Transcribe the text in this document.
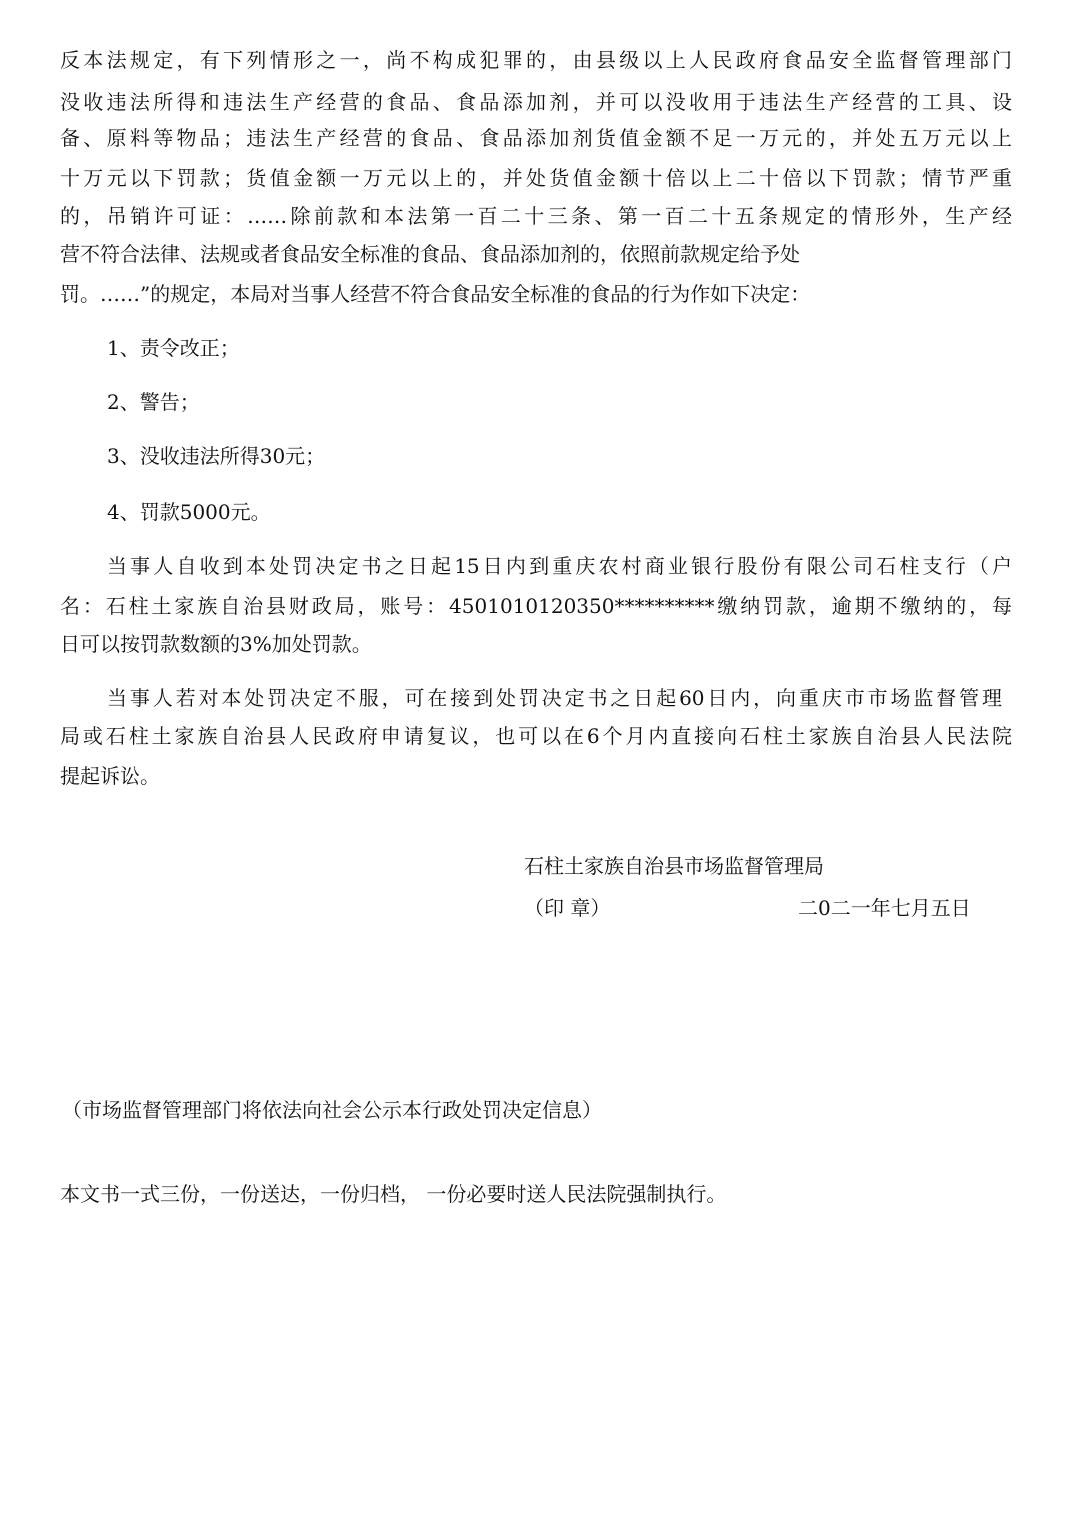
反本法规定，有下列情形之一，尚不构成犯罪的，由县级以上人民政府食品安全监督管理部门
没收违法所得和违法生产经营的食品、食品添加剂，并可以没收用于违法生产经营的工具、设
备、原料等物品；违法生产经营的食品、食品添加剂货值金额不足一万元的，并处五万元以上
十万元以下罚款；货值金额一万元以上的，并处货值金额十倍以上二十倍以下罚款；情节严重
的，吊销许可证：……除前款和本法第一百二十三条、第一百二十五条规定的情形外，生产经
营不符合法律、法规或者食品安全标准的食品、食品添加剂的，依照前款规定给予处
罚。……”的规定，本局对当事人经营不符合食品安全标准的食品的行为作如下决定：
1、责令改正；
2、警告；
3、没收违法所得30元；
4、罚款5000元。
当事人自收到本处罚决定书之日起15日内到重庆农村商业银行股份有限公司石柱支行（户
名：石柱土家族自治县财政局，账号：4501010120350**********缴纳罚款，逾期不缴纳的，每
日可以按罚款数额的3%加处罚款。
当事人若对本处罚决定不服，可在接到处罚决定书之日起60日内，向重庆市市场监督管理
局或石柱土家族自治县人民政府申请复议，也可以在6个月内直接向石柱土家族自治县人民法院
提起诉讼。
石柱土家族自治县市场监督管理局
（印 章）	二0二一年七月五日
（市场监督管理部门将依法向社会公示本行政处罚决定信息）
本文书一式三份，一份送达，一份归档， 一份必要时送人民法院强制执行。
